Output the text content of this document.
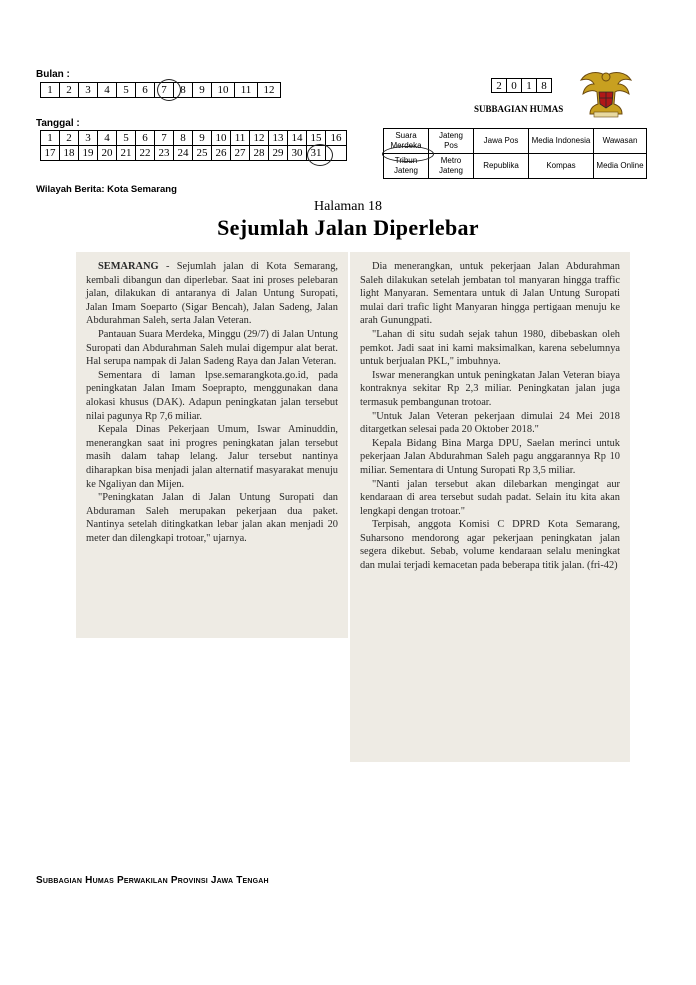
Bulan :
1	2	3	4	5	6	7	8	9	10	11	12
Tanggal :
1	2	3	4	5	6	7	8	9	10	11	12	13	14	15	16
17	18	19	20	21	22	23	24	25	26	27	28	29	30	31	
Wilayah Berita: Kota Semarang
2	0	1	8
SUBBAGIAN HUMAS
Suara Merdeka	Jateng Pos	Jawa Pos	Media Indonesia	Wawasan
Tribun Jateng	Metro Jateng	Republika	Kompas	Media Online
Halaman 18
Sejumlah Jalan Diperlebar

SEMARANG - Sejumlah jalan di Kota Semarang, kembali dibangun dan diperlebar. Saat ini proses pelebaran jalan, dilakukan di antaranya di Jalan Untung Suropati, Jalan Imam Soeparto (Sigar Bencah), Jalan Sadeng, Jalan Abdurahman Saleh, serta Jalan Veteran.

Pantauan Suara Merdeka, Minggu (29/7) di Jalan Untung Suropati dan Abdurahman Saleh mulai digempur alat berat. Hal serupa nampak di Jalan Sadeng Raya dan Jalan Veteran.

Sementara di laman lpse.semarangkota.go.id, pada peningkatan Jalan Imam Soeprapto, menggunakan dana alokasi khusus (DAK). Adapun peningkatan jalan tersebut nilai pagunya Rp 7,6 miliar.

Kepala Dinas Pekerjaan Umum, Iswar Aminuddin, menerangkan saat ini progres peningkatan jalan tersebut masih dalam tahap lelang. Jalur tersebut nantinya diharapkan bisa menjadi jalan alternatif masyarakat menuju ke Ngaliyan dan Mijen.

"Peningkatan Jalan di Jalan Untung Suropati dan Abduraman Saleh merupakan pekerjaan dua paket. Nantinya setelah ditingkatkan lebar jalan akan menjadi 20 meter dan dilengkapi trotoar," ujarnya.

Dia menerangkan, untuk pekerjaan Jalan Abdurahman Saleh dilakukan setelah jembatan tol manyaran hingga traffic light Manyaran. Sementara untuk di Jalan Untung Suropati mulai dari trafic light Manyaran hingga pertigaan menuju ke arah Gunungpati.

"Lahan di situ sudah sejak tahun 1980, dibebaskan oleh pemkot. Jadi saat ini kami maksimalkan, karena sebelumnya untuk berjualan PKL," imbuhnya.

Iswar menerangkan untuk peningkatan Jalan Veteran biaya kontraknya sekitar Rp 2,3 miliar. Peningkatan jalan juga termasuk pembangunan trotoar.

"Untuk Jalan Veteran pekerjaan dimulai 24 Mei 2018 ditargetkan selesai pada 20 Oktober 2018."

Kepala Bidang Bina Marga DPU, Saelan merinci untuk pekerjaan Jalan Abdurahman Saleh pagu anggarannya Rp 10 miliar. Sementara di Untung Suropati Rp 3,5 miliar.

"Nanti jalan tersebut akan dilebarkan mengingat aur kendaraan di area tersebut sudah padat. Selain itu kita akan lengkapi dengan trotoar."

Terpisah, anggota Komisi C DPRD Kota Semarang, Suharsono mendorong agar pekerjaan peningkatan jalan segera dikebut. Sebab, volume kendaraan selalu meningkat dan mulai terjadi kemacetan pada beberapa titik jalan. (fri-42)

Subbagian Humas Perwakilan Provinsi Jawa Tengah
